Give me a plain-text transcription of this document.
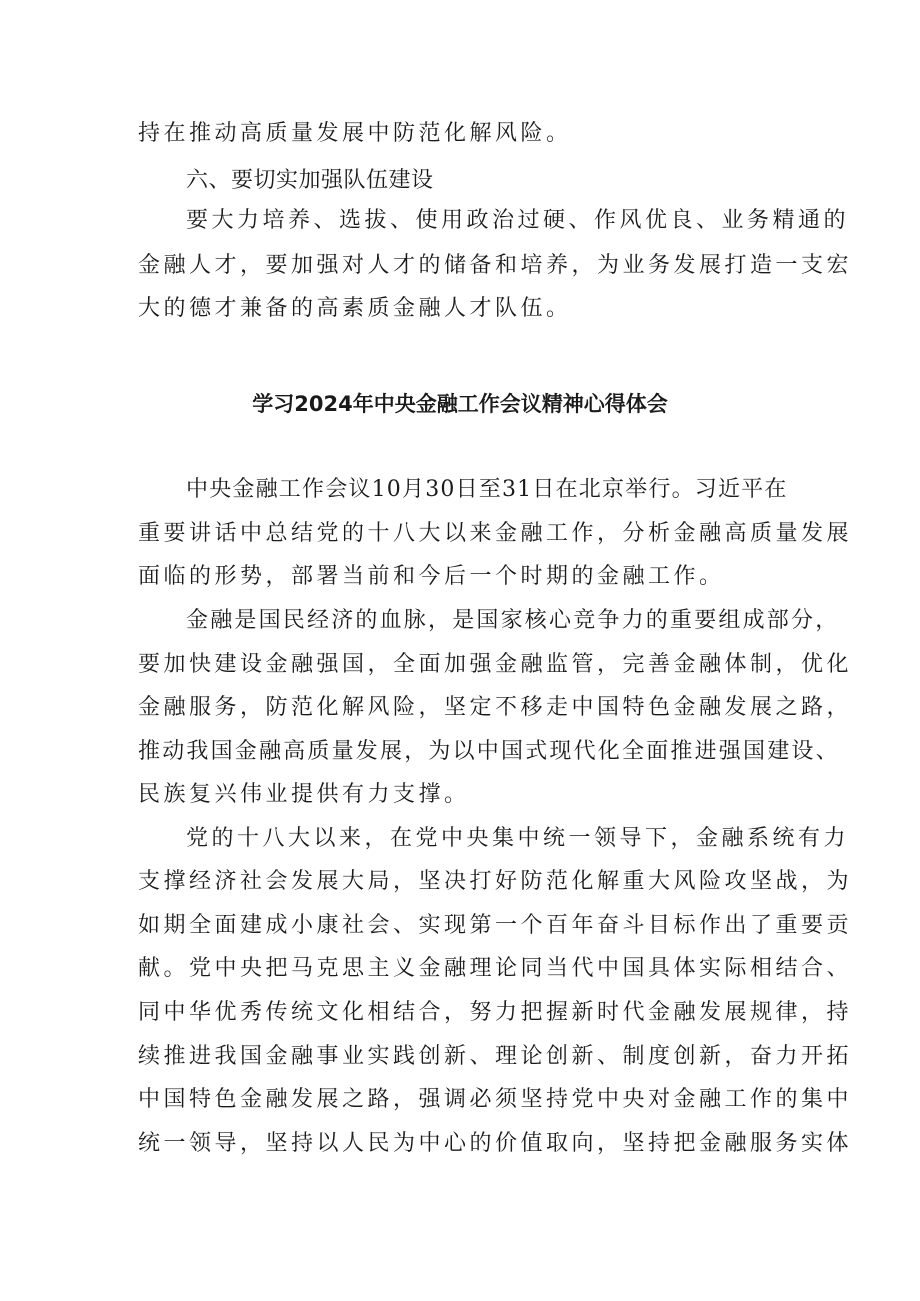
持在推动高质量发展中防范化解风险。
六、要切实加强队伍建设
要大力培养、选拔、使用政治过硬、作风优良、业务精通的
金融人才，要加强对人才的储备和培养，为业务发展打造一支宏
大的德才兼备的高素质金融人才队伍。
学习2024年中央金融工作会议精神心得体会
中央金融工作会议10月30日至31日在北京举行。习近平在
重要讲话中总结党的十八大以来金融工作，分析金融高质量发展
面临的形势，部署当前和今后一个时期的金融工作。
金融是国民经济的血脉，是国家核心竞争力的重要组成部分，
要加快建设金融强国，全面加强金融监管，完善金融体制，优化
金融服务，防范化解风险，坚定不移走中国特色金融发展之路，
推动我国金融高质量发展，为以中国式现代化全面推进强国建设、
民族复兴伟业提供有力支撑。
党的十八大以来，在党中央集中统一领导下，金融系统有力
支撑经济社会发展大局，坚决打好防范化解重大风险攻坚战，为
如期全面建成小康社会、实现第一个百年奋斗目标作出了重要贡
献。党中央把马克思主义金融理论同当代中国具体实际相结合、
同中华优秀传统文化相结合，努力把握新时代金融发展规律，持
续推进我国金融事业实践创新、理论创新、制度创新，奋力开拓
中国特色金融发展之路，强调必须坚持党中央对金融工作的集中
统一领导，坚持以人民为中心的价值取向，坚持把金融服务实体
